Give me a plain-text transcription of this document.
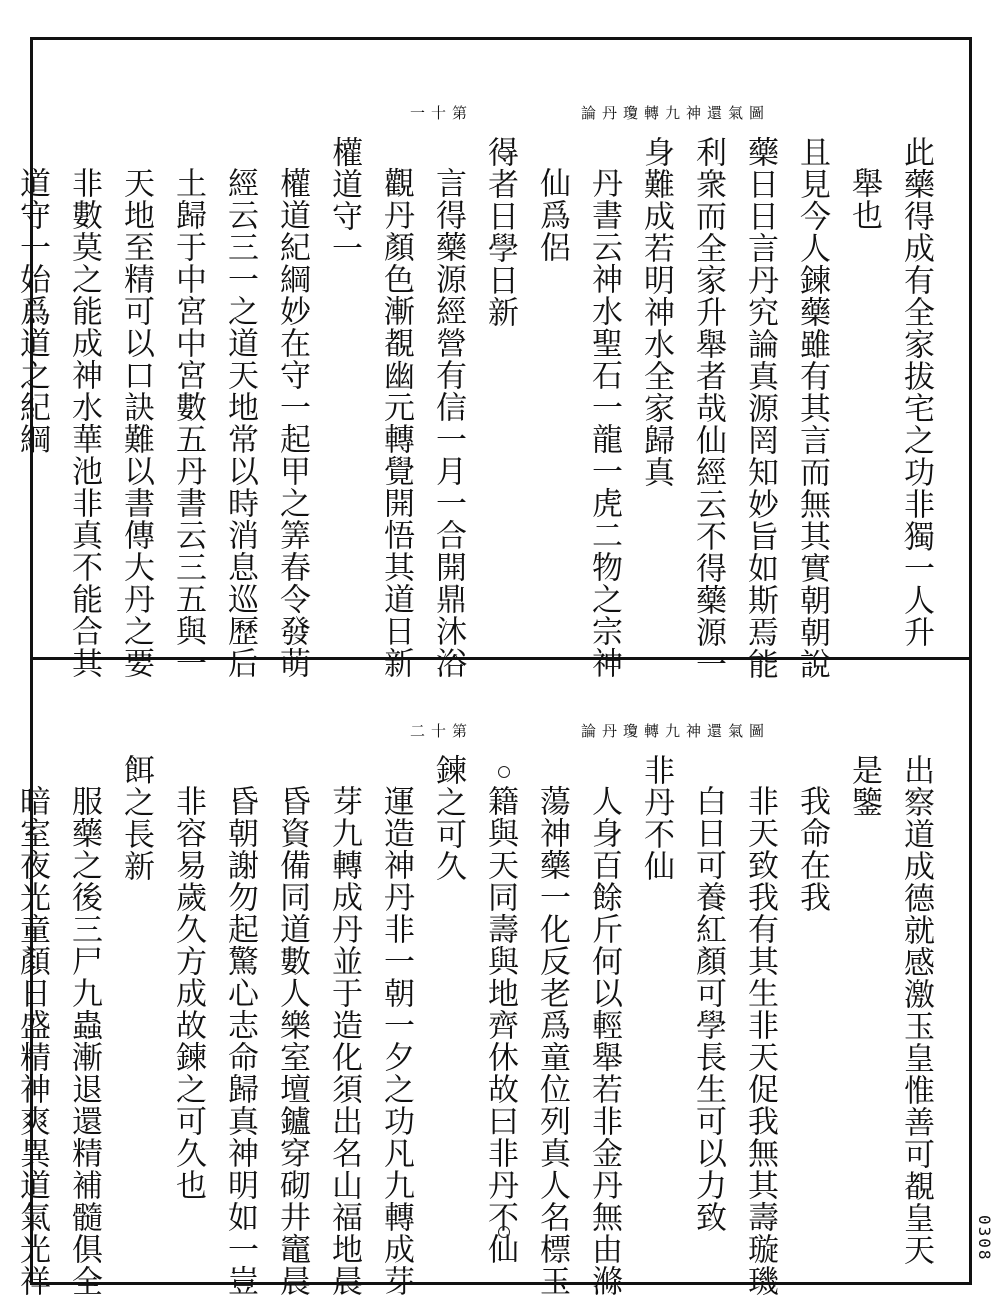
第十一	圖氣還神九轉瓊丹論
此藥得成有全家拔宅之功非獨一人升
舉也
且見今人鍊藥雖有其言而無其實朝朝說
藥日日言丹究論真源罔知妙旨如斯焉能
利衆而全家升舉者哉仙經云不得藥源一
身難成若明神水全家歸真
丹書云神水聖石一龍一虎二物之宗神
仙爲侶
得者日學日新
言得藥源經營有信一月一合開鼎沐浴
觀丹顏色漸覩幽元轉覺開悟其道日新
權道守一
權道紀綱妙在守一起甲之筭春令發萌
經云三一之道天地常以時消息巡歷后
土歸于中宮中宮數五丹書云三五與一
天地至精可以口訣難以書傳大丹之要
非數莫之能成神水華池非真不能合其
道守一始爲道之紀綱
第十二	圖氣還神九轉瓊丹論
出察道成德就感激玉皇惟善可覩皇天
是鑒
我命在我
非天致我有其生非天促我無其壽璇璣
白日可養紅顏可學長生可以力致
非丹不仙
人身百餘斤何以輕舉若非金丹無由滌
蕩神藥一化反老爲童位列真人名標玉
籍與天同壽與地齊休故曰非丹不仙
鍊之可久
運造神丹非一朝一夕之功凡九轉成芽
芽九轉成丹並于造化須出名山福地晨
昏資備同道數人樂室壇鑪穿砌井竈晨
昏朝謝勿起驚心志命歸真神明如一豈
非容易歲久方成故鍊之可久也
餌之長新
服藥之後三尸九蟲漸退還精補髓俱全
暗室夜光童顏日盛精神爽異道氣光祥	0308
